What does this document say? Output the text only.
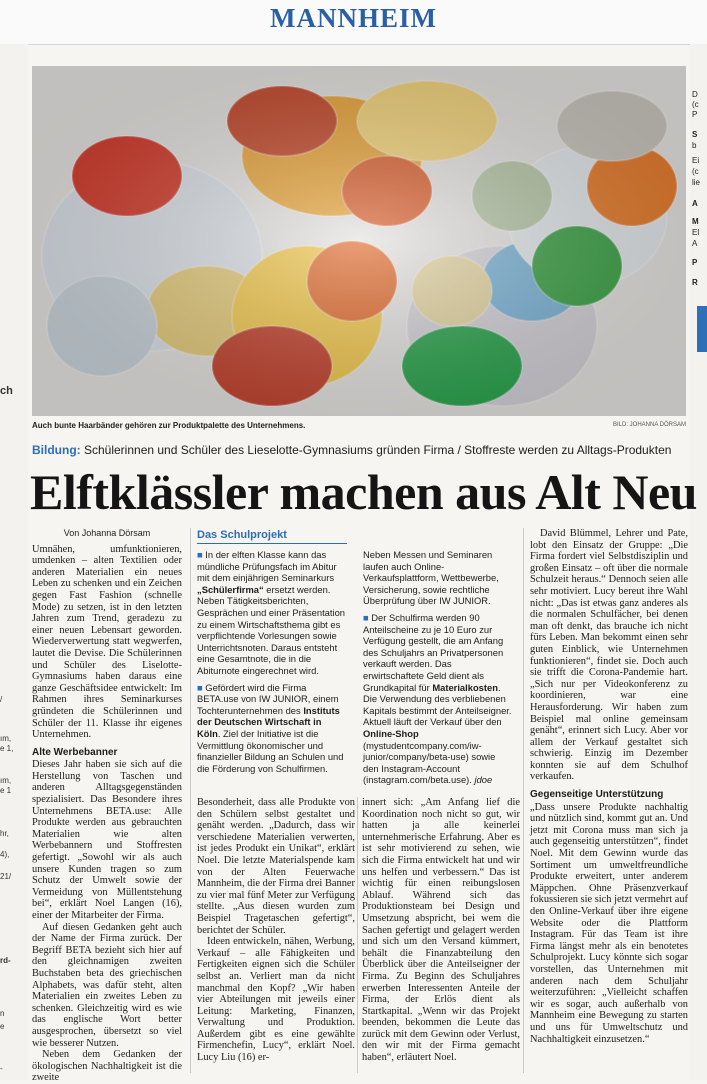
MANNHEIM
ch
/
ım,
e 1,
ım,
e 1
hr,
4),
21/
rd-
n
e
-
D
(c
P
S
b
Ei
(c
lie
A
M
El
A
P
R
Auch bunte Haarbänder gehören zur Produktpalette des Unternehmens.	BILD: JOHANNA DÖRSAM
Bildung: Schülerinnen und Schüler des Lieselotte-Gymnasiums gründen Firma / Stoffreste werden zu Alltags-Produkten
Elftklässler machen aus Alt Neu
Von Johanna Dörsam

Umnähen, umfunktionieren, umdenken – alten Textilien oder anderen Materialien ein neues Leben zu schenken und ein Zeichen gegen Fast Fashion (schnelle Mode) zu setzen, ist in den letzten Jahren zum Trend, geradezu zu einer neuen Lebensart geworden. Wiederverwertung statt wegwerfen, lautet die Devise. Die Schülerinnen und Schüler des Liselotte-Gymnasiums haben daraus eine ganze Geschäftsidee entwickelt: Im Rahmen ihres Seminarkurses gründeten die Schülerinnen und Schüler der 11. Klasse ihr eigenes Unternehmen.

Alte Werbebanner

Dieses Jahr haben sie sich auf die Herstellung von Taschen und anderen Alltagsgegenständen spezialisiert. Das Besondere ihres Unternehmens BETA.use: Alle Produkte werden aus gebrauchten Materialien wie alten Werbebannern und Stoffresten gefertigt. „Sowohl wir als auch unsere Kunden tragen so zum Schutz der Umwelt sowie der Vermeidung von Müllentstehung bei“, erklärt Noel Langen (16), einer der Mitarbeiter der Firma.

Auf diesen Gedanken geht auch der Name der Firma zurück. Der Begriff BETA bezieht sich hier auf den gleichnamigen zweiten Buchstaben beta des griechischen Alphabets, was dafür steht, alten Materialien ein zweites Leben zu schenken. Gleichzeitig wird es wie das englische Wort better ausgesprochen, übersetzt so viel wie besserer Nutzen.

Neben dem Gedanken der ökologischen Nachhaltigkeit ist die zweite

Das Schulprojekt

■ In der elften Klasse kann das mündliche Prüfungsfach im Abitur mit dem einjährigen Seminarkurs „Schülerfirma“ ersetzt werden. Neben Tätigkeitsberichten, Gesprächen und einer Präsentation zu einem Wirtschaftsthema gibt es verpflichtende Vorlesungen sowie Unterrichtsnoten. Daraus entsteht eine Gesamtnote, die in die Abiturnote eingerechnet wird.

■ Gefördert wird die Firma BETA.use von IW JUNIOR, einem Tochterunternehmen des Instituts der Deutschen Wirtschaft in Köln. Ziel der Initiative ist die Vermittlung ökonomischer und finanzieller Bildung an Schulen und die Förderung von Schulfirmen.

Neben Messen und Seminaren laufen auch Online-Verkaufsplattform, Wettbewerbe, Versicherung, sowie rechtliche Überprüfung über IW JUNIOR.

■ Der Schulfirma werden 90 Anteilscheine zu je 10 Euro zur Verfügung gestellt, die am Anfang des Schuljahrs an Privatpersonen verkauft werden. Das erwirtschaftete Geld dient als Grundkapital für Materialkosten. Die Verwendung des verbliebenen Kapitals bestimmt der Anteilseigner. Aktuell läuft der Verkauf über den Online-Shop (mystudentcompany.com/iw-junior/company/beta-use) sowie den Instagram-Account (instagram.com/beta.use). jdoe

Besonderheit, dass alle Produkte von den Schülern selbst gestaltet und genäht werden. „Dadurch, dass wir verschiedene Materialien verwerten, ist jedes Produkt ein Unikat“, erklärt Noel. Die letzte Materialspende kam von der Alten Feuerwache Mannheim, die der Firma drei Banner zu vier mal fünf Meter zur Verfügung stellte. „Aus diesen wurden zum Beispiel Tragetaschen gefertigt“, berichtet der Schüler.

Ideen entwickeln, nähen, Werbung, Verkauf – alle Fähigkeiten und Fertigkeiten eignen sich die Schüler selbst an. Verliert man da nicht manchmal den Kopf? „Wir haben vier Abteilungen mit jeweils einer Leitung: Marketing, Finanzen, Verwaltung und Produktion. Außerdem gibt es eine gewählte Firmenchefin, Lucy“, erklärt Noel. Lucy Liu (16) er-

innert sich: „Am Anfang lief die Koordination noch nicht so gut, wir hatten ja alle keinerlei unternehmerische Erfahrung. Aber es ist sehr motivierend zu sehen, wie sich die Firma entwickelt hat und wir uns helfen und verbessern.“ Das ist wichtig für einen reibungslosen Ablauf. Während sich das Produktionsteam bei Design und Umsetzung abspricht, bei wem die Sachen gefertigt und gelagert werden und sich um den Versand kümmert, behält die Finanzabteilung den Überblick über die Anteilseigner der Firma. Zu Beginn des Schuljahres erwerben Interessenten Anteile der Firma, der Erlös dient als Startkapital. „Wenn wir das Projekt beenden, bekommen die Leute das zurück mit dem Gewinn oder Verlust, den wir mit der Firma gemacht haben“, erläutert Noel.

David Blümmel, Lehrer und Pate, lobt den Einsatz der Gruppe: „Die Firma fordert viel Selbstdisziplin und großen Einsatz – oft über die normale Schulzeit heraus.“ Dennoch seien alle sehr motiviert. Lucy bereut ihre Wahl nicht: „Das ist etwas ganz anderes als die normalen Schulfächer, bei denen man oft denkt, das brauche ich nicht fürs Leben. Man bekommt einen sehr guten Einblick, wie Unternehmen funktionieren“, findet sie. Doch auch sie trifft die Corona-Pandemie hart. „Sich nur per Videokonferenz zu koordinieren, war eine Herausforderung. Wir haben zum Beispiel mal online gemeinsam genäht“, erinnert sich Lucy. Aber vor allem der Verkauf gestaltet sich schwierig. Einzig im Dezember konnten sie auf dem Schulhof verkaufen.

Gegenseitige Unterstützung

„Dass unsere Produkte nachhaltig und nützlich sind, kommt gut an. Und jetzt mit Corona muss man sich ja auch gegenseitig unterstützen“, findet Noel. Mit dem Gewinn wurde das Sortiment um umweltfreundliche Produkte erweitert, unter anderem Mäppchen. Ohne Präsenzverkauf fokussieren sie sich jetzt vermehrt auf den Online-Verkauf über ihre eigene Website oder die Plattform Instagram. Für das Team ist ihre Firma längst mehr als ein benotetes Schulprojekt. Lucy könnte sich sogar vorstellen, das Unternehmen mit anderen nach dem Schuljahr weiterzuführen: „Vielleicht schaffen wir es sogar, auch außerhalb von Mannheim eine Bewegung zu starten und uns für Umweltschutz und Nachhaltigkeit einzusetzen.“
